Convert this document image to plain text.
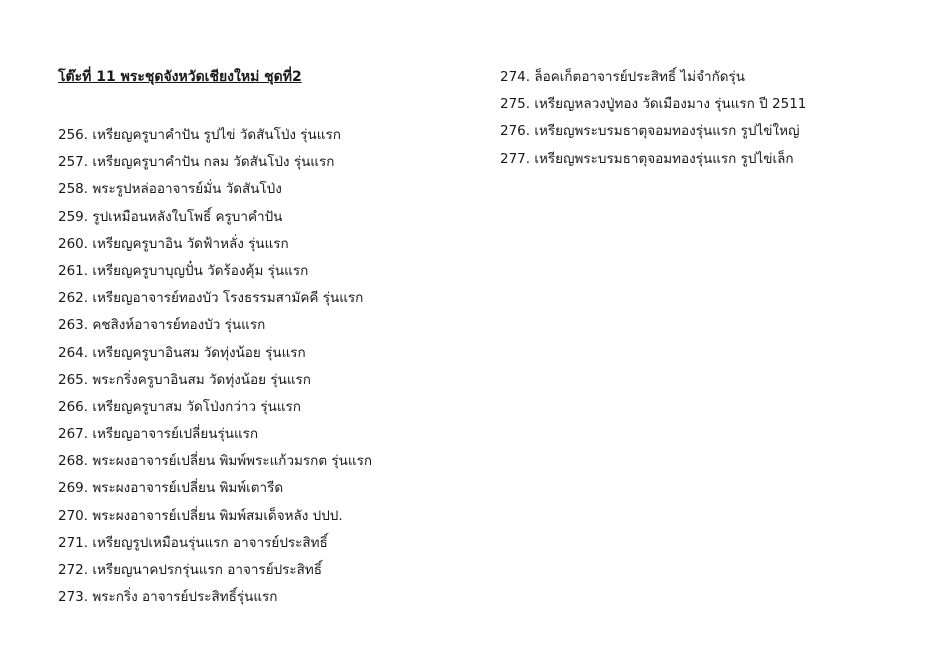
โต๊ะที่ 11 พระชุดจังหวัดเชียงใหม่ ชุดที่2
256. เหรียญครูบาคำปัน รูปไข่ วัดสันโป่ง รุ่นแรก
257. เหรียญครูบาคำปัน กลม วัดสันโป่ง รุ่นแรก
258. พระรูปหล่ออาจารย์มั่น วัดสันโป่ง
259. รูปเหมือนหลังใบโพธิ์ ครูบาคำปัน
260. เหรียญครูบาอิน วัดฟ้าหลั่ง รุ่นแรก
261. เหรียญครูบาบุญปั๋น วัดร้องคุ้ม รุ่นแรก
262. เหรียญอาจารย์ทองบัว โรงธรรมสามัคคี รุ่นแรก
263. คชสิงห์อาจารย์ทองบัว รุ่นแรก
264. เหรียญครูบาอินสม วัดทุ่งน้อย รุ่นแรก
265. พระกริ่งครูบาอินสม วัดทุ่งน้อย รุ่นแรก
266. เหรียญครูบาสม วัดโป่งกว่าว รุ่นแรก
267. เหรียญอาจารย์เปลี่ยนรุ่นแรก
268. พระผงอาจารย์เปลี่ยน พิมพ์พระแก้วมรกต รุ่นแรก
269. พระผงอาจารย์เปลี่ยน พิมพ์เตารีด
270. พระผงอาจารย์เปลี่ยน พิมพ์สมเด็จหลัง ปปป.
271. เหรียญรูปเหมือนรุ่นแรก อาจารย์ประสิทธิ์
272. เหรียญนาคปรกรุ่นแรก อาจารย์ประสิทธิ์
273. พระกริ่ง อาจารย์ประสิทธิ์รุ่นแรก
274. ล็อคเก็ตอาจารย์ประสิทธิ์ ไม่จำกัดรุ่น
275. เหรียญหลวงปู่ทอง วัดเมืองมาง รุ่นแรก ปี 2511
276. เหรียญพระบรมธาตุจอมทองรุ่นแรก รูปไข่ใหญ่
277. เหรียญพระบรมธาตุจอมทองรุ่นแรก รูปไข่เล็ก
